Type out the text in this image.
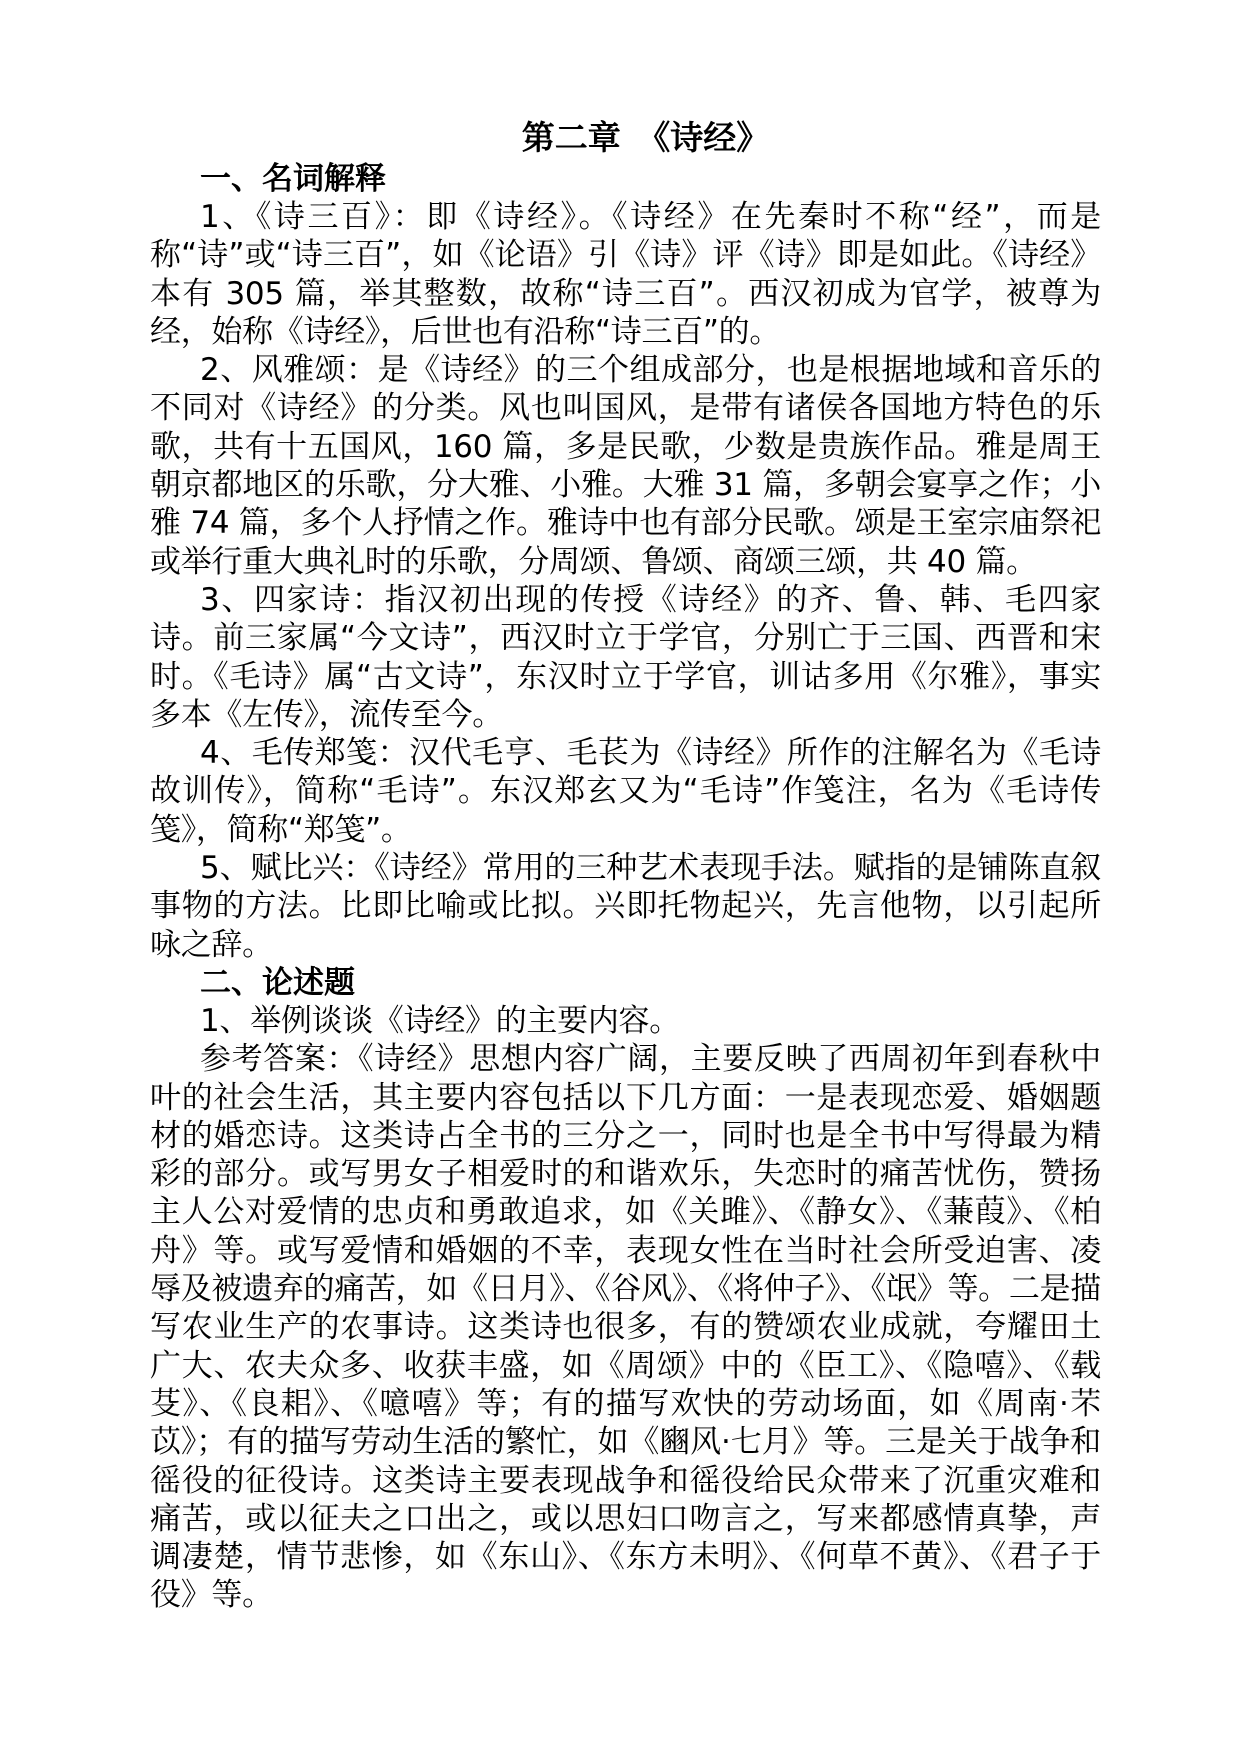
第二章　《诗经》
一、名词解释

1、《诗三百》：即《诗经》。《诗经》在先秦时不称“经”，而是称“诗”或“诗三百”，如《论语》引《诗》评《诗》即是如此。《诗经》本有 305 篇，举其整数，故称“诗三百”。西汉初成为官学，被尊为经，始称《诗经》，后世也有沿称“诗三百”的。

2、风雅颂：是《诗经》的三个组成部分，也是根据地域和音乐的不同对《诗经》的分类。风也叫国风，是带有诸侯各国地方特色的乐歌，共有十五国风，160 篇，多是民歌，少数是贵族作品。雅是周王朝京都地区的乐歌，分大雅、小雅。大雅 31 篇，多朝会宴享之作；小雅 74 篇，多个人抒情之作。雅诗中也有部分民歌。颂是王室宗庙祭祀或举行重大典礼时的乐歌，分周颂、鲁颂、商颂三颂，共 40 篇。

3、四家诗：指汉初出现的传授《诗经》的齐、鲁、韩、毛四家诗。前三家属“今文诗”，西汉时立于学官，分别亡于三国、西晋和宋时。《毛诗》属“古文诗”，东汉时立于学官，训诂多用《尔雅》，事实多本《左传》，流传至今。

4、毛传郑笺：汉代毛亨、毛苌为《诗经》所作的注解名为《毛诗故训传》，简称“毛诗”。东汉郑玄又为“毛诗”作笺注，名为《毛诗传笺》，简称“郑笺”。

5、赋比兴：《诗经》常用的三种艺术表现手法。赋指的是铺陈直叙事物的方法。比即比喻或比拟。兴即托物起兴，先言他物，以引起所咏之辞。

二、论述题

1、举例谈谈《诗经》的主要内容。

参考答案：《诗经》思想内容广阔，主要反映了西周初年到春秋中叶的社会生活，其主要内容包括以下几方面：一是表现恋爱、婚姻题材的婚恋诗。这类诗占全书的三分之一，同时也是全书中写得最为精彩的部分。或写男女子相爱时的和谐欢乐，失恋时的痛苦忧伤，赞扬主人公对爱情的忠贞和勇敢追求，如《关雎》、《静女》、《蒹葭》、《柏舟》等。或写爱情和婚姻的不幸，表现女性在当时社会所受迫害、凌辱及被遗弃的痛苦，如《日月》、《谷风》、《将仲子》、《氓》等。二是描写农业生产的农事诗。这类诗也很多，有的赞颂农业成就，夸耀田土广大、农夫众多、收获丰盛，如《周颂》中的《臣工》、《隐嘻》、《载芟》、《良耜》、《噫嘻》等；有的描写欢快的劳动场面，如《周南·芣苡》；有的描写劳动生活的繁忙，如《豳风·七月》等。三是关于战争和徭役的征役诗。这类诗主要表现战争和徭役给民众带来了沉重灾难和痛苦，或以征夫之口出之，或以思妇口吻言之，写来都感情真挚，声调凄楚，情节悲惨，如《东山》、《东方未明》、《何草不黄》、《君子于役》等。
